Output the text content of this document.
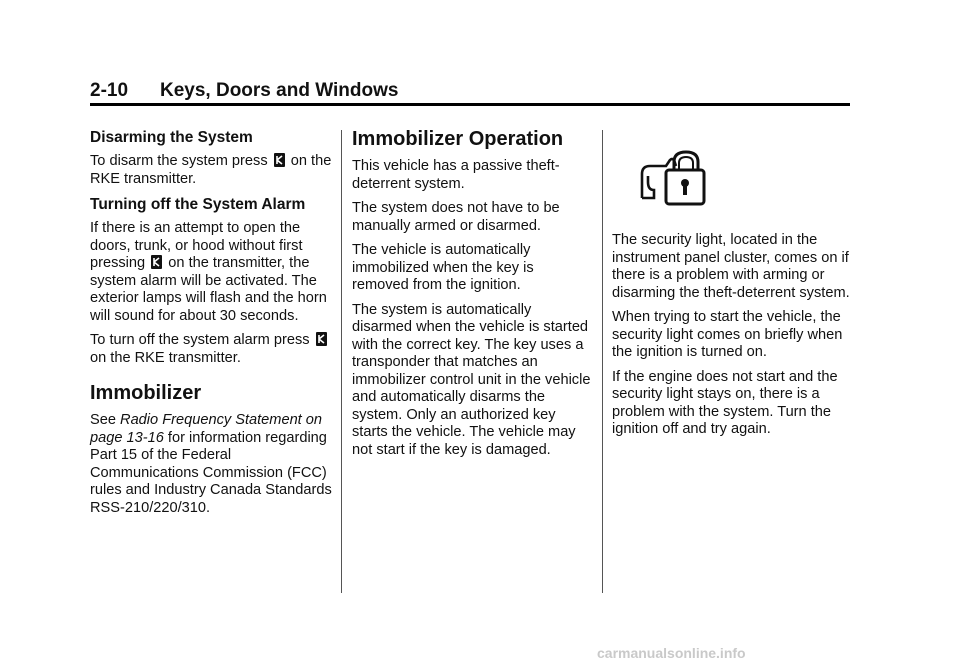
2-10 Keys, Doors and Windows
Disarming the System

To disarm the system press on the RKE transmitter.

Turning off the System Alarm

If there is an attempt to open the doors, trunk, or hood without first pressing on the transmitter, the system alarm will be activated. The exterior lamps will flash and the horn will sound for about 30 seconds.

To turn off the system alarm press  on the RKE transmitter.

Immobilizer

See Radio Frequency Statement on page 13-16 for information regarding Part 15 of the Federal Communications Commission (FCC) rules and Industry Canada Standards RSS-210/220/310.

Immobilizer Operation

This vehicle has a passive theft-deterrent system.

The system does not have to be manually armed or disarmed.

The vehicle is automatically immobilized when the key is removed from the ignition.

The system is automatically disarmed when the vehicle is started with the correct key. The key uses a transponder that matches an immobilizer control unit in the vehicle and automatically disarms the system. Only an authorized key starts the vehicle. The vehicle may not start if the key is damaged.

The security light, located in the instrument panel cluster, comes on if there is a problem with arming or disarming the theft-deterrent system.

When trying to start the vehicle, the security light comes on briefly when the ignition is turned on.

If the engine does not start and the security light stays on, there is a problem with the system. Turn the ignition off and try again.

carmanualsonline.info
